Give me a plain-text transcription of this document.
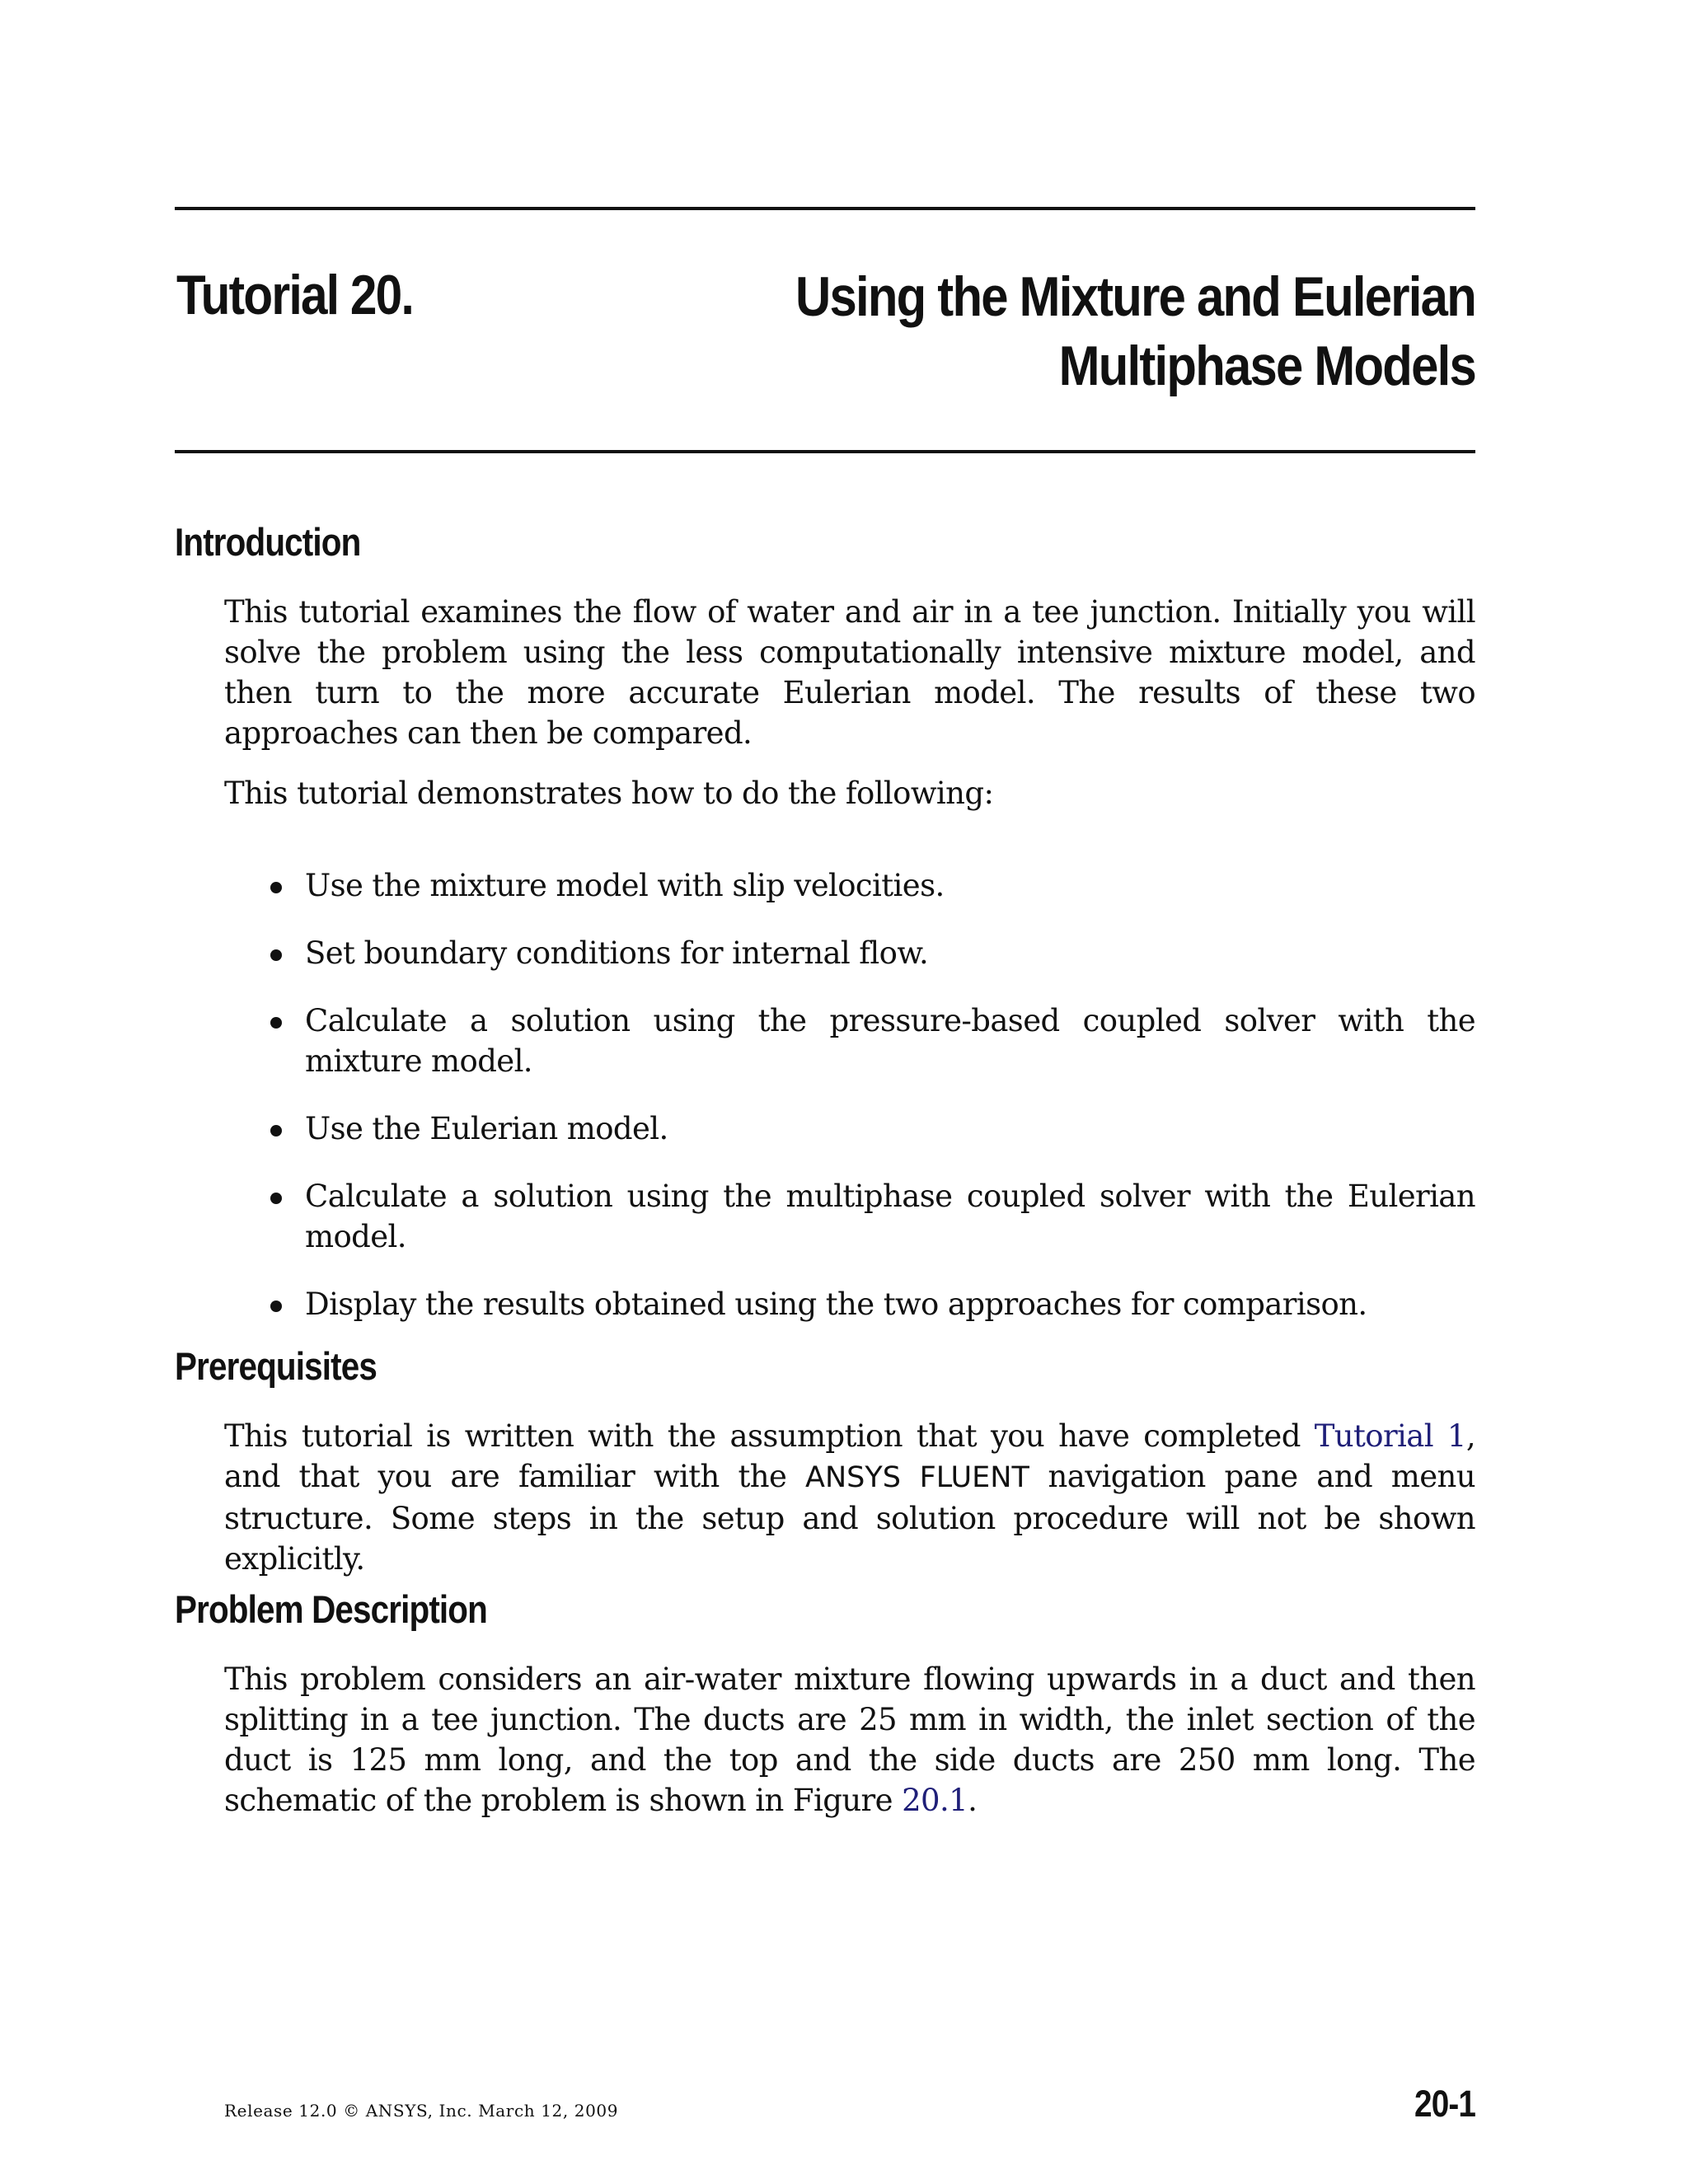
Tutorial 20.	Using the Mixture and Eulerian Multiphase Models
Introduction

This tutorial examines the flow of water and air in a tee junction. Initially you will solve the problem using the less computationally intensive mixture model, and then turn to the more accurate Eulerian model. The results of these two approaches can then be compared.

This tutorial demonstrates how to do the following:

Use the mixture model with slip velocities.
Set boundary conditions for internal flow.
Calculate a solution using the pressure-based coupled solver with the mixture model.
Use the Eulerian model.
Calculate a solution using the multiphase coupled solver with the Eulerian model.
Display the results obtained using the two approaches for comparison.
Prerequisites

This tutorial is written with the assumption that you have completed Tutorial 1, and that you are familiar with the ANSYS FLUENT navigation pane and menu structure. Some steps in the setup and solution procedure will not be shown explicitly.

Problem Description

This problem considers an air-water mixture flowing upwards in a duct and then splitting in a tee junction. The ducts are 25 mm in width, the inlet section of the duct is 125 mm long, and the top and the side ducts are 250 mm long. The schematic of the problem is shown in Figure 20.1.

Release 12.0 © ANSYS, Inc. March 12, 2009	20-1
